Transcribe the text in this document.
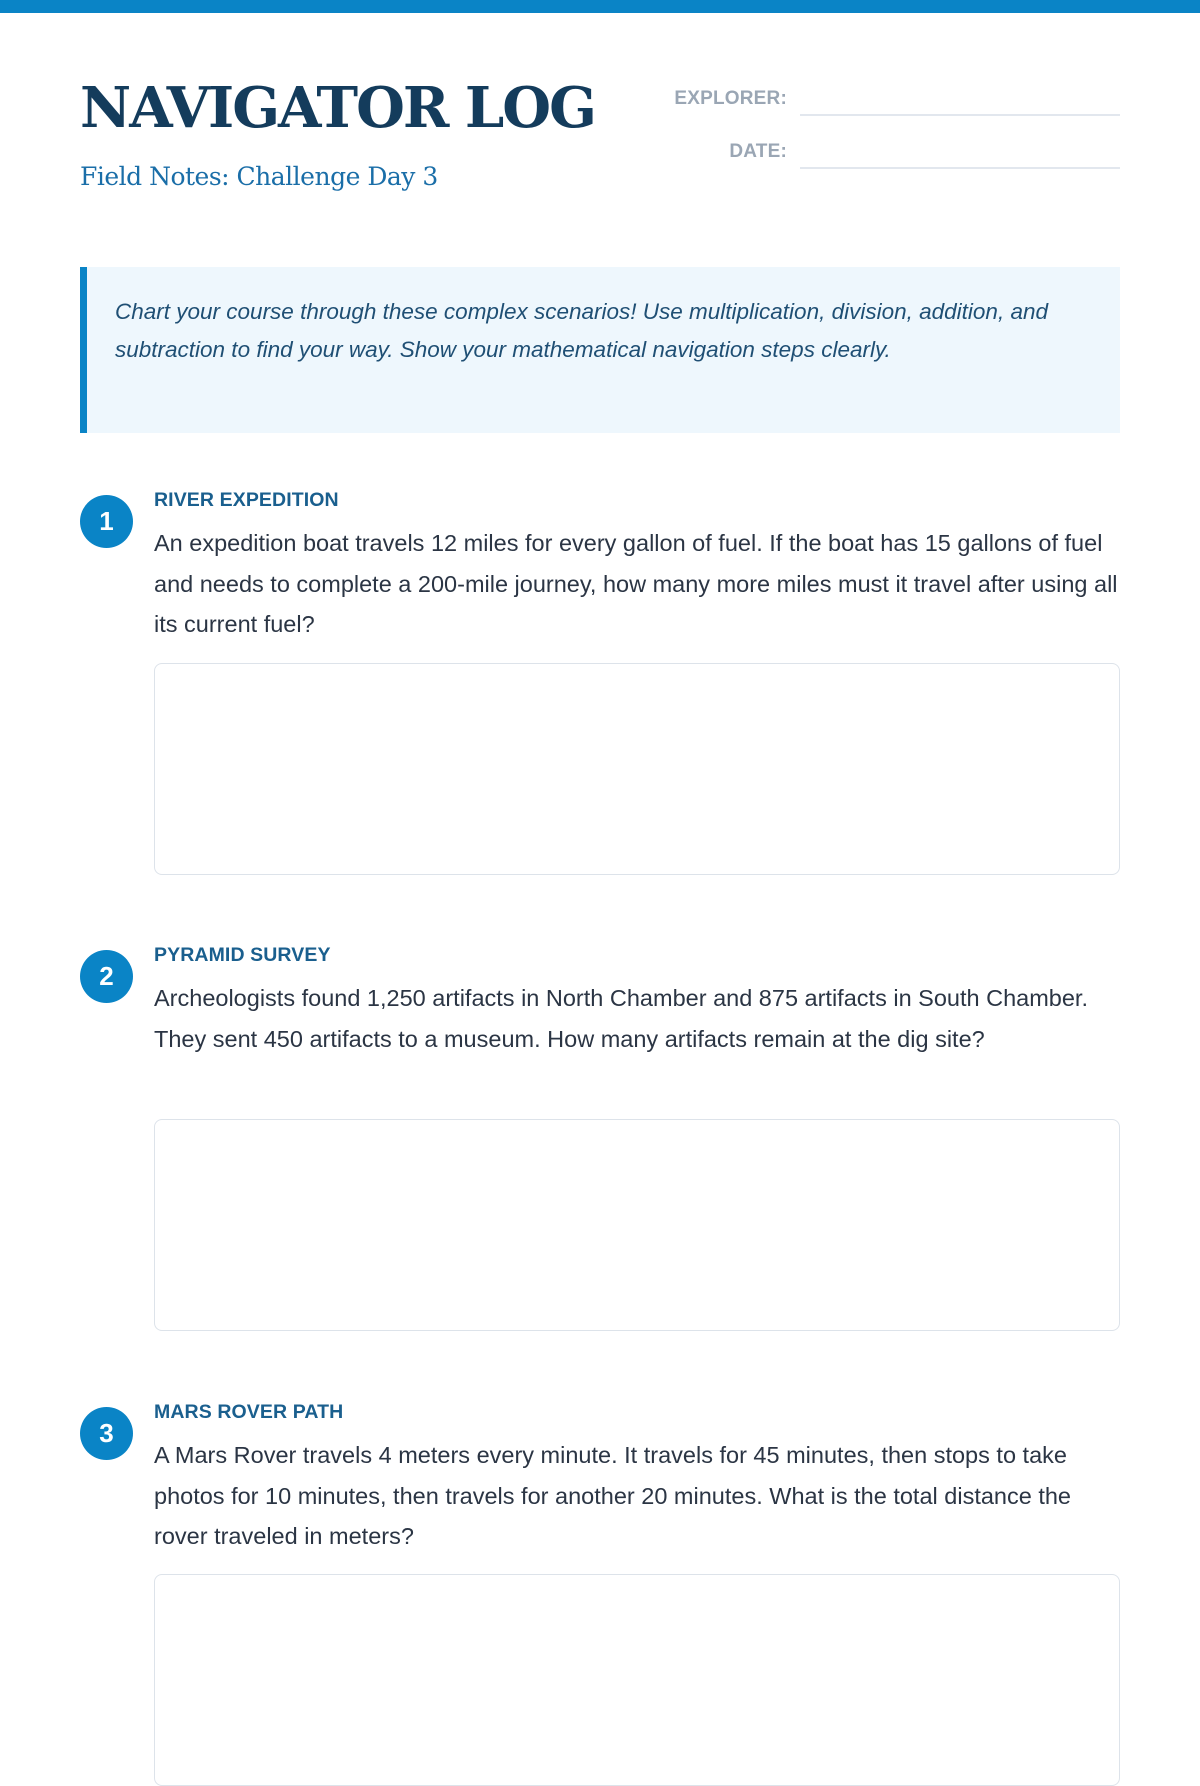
NAVIGATOR LOG
Field Notes: Challenge Day 3
EXPLORER:
DATE:

Chart your course through these complex scenarios! Use multiplication, division, addition, and subtraction to find your way. Show your mathematical navigation steps clearly.

1
RIVER EXPEDITION

An expedition boat travels 12 miles for every gallon of fuel. If the boat has 15 gallons of fuel and needs to complete a 200-mile journey, how many more miles must it travel after using all its current fuel?

2
PYRAMID SURVEY

Archeologists found 1,250 artifacts in North Chamber and 875 artifacts in South Chamber. They sent 450 artifacts to a museum. How many artifacts remain at the dig site?

3
MARS ROVER PATH

A Mars Rover travels 4 meters every minute. It travels for 45 minutes, then stops to take photos for 10 minutes, then travels for another 20 minutes. What is the total distance the rover traveled in meters?
